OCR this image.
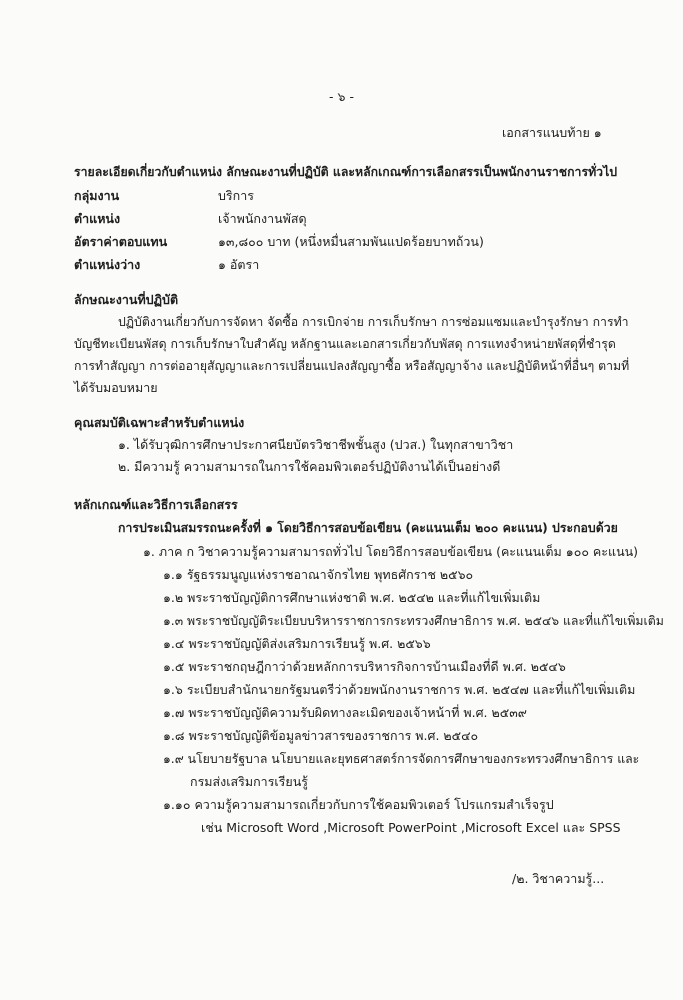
- ๖ -
เอกสารแนบท้าย ๑
รายละเอียดเกี่ยวกับตำแหน่ง ลักษณะงานที่ปฏิบัติ และหลักเกณฑ์การเลือกสรรเป็นพนักงานราชการทั่วไป
กลุ่มงาน	บริการ
ตำแหน่ง	เจ้าพนักงานพัสดุ
อัตราค่าตอบแทน	๑๓,๘๐๐ บาท (หนึ่งหมื่นสามพันแปดร้อยบาทถ้วน)
ตำแหน่งว่าง	๑ อัตรา
ลักษณะงานที่ปฏิบัติ
ปฏิบัติงานเกี่ยวกับการจัดหา จัดซื้อ การเบิกจ่าย การเก็บรักษา การซ่อมแซมและบำรุงรักษา การทำ
บัญชีทะเบียนพัสดุ การเก็บรักษาใบสำคัญ หลักฐานและเอกสารเกี่ยวกับพัสดุ การแทงจำหน่ายพัสดุที่ชำรุด
การทำสัญญา การต่ออายุสัญญาและการเปลี่ยนแปลงสัญญาซื้อ หรือสัญญาจ้าง และปฏิบัติหน้าที่อื่นๆ ตามที่
ได้รับมอบหมาย
คุณสมบัติเฉพาะสำหรับตำแหน่ง
๑. ได้รับวุฒิการศึกษาประกาศนียบัตรวิชาชีพชั้นสูง (ปวส.) ในทุกสาขาวิชา
๒. มีความรู้ ความสามารถในการใช้คอมพิวเตอร์ปฏิบัติงานได้เป็นอย่างดี
หลักเกณฑ์และวิธีการเลือกสรร
การประเมินสมรรถนะครั้งที่ ๑ โดยวิธีการสอบข้อเขียน (คะแนนเต็ม ๒๐๐ คะแนน) ประกอบด้วย
๑. ภาค ก วิชาความรู้ความสามารถทั่วไป โดยวิธีการสอบข้อเขียน (คะแนนเต็ม ๑๐๐ คะแนน)
๑.๑ รัฐธรรมนูญแห่งราชอาณาจักรไทย พุทธศักราช ๒๕๖๐
๑.๒ พระราชบัญญัติการศึกษาแห่งชาติ พ.ศ. ๒๕๔๒ และที่แก้ไขเพิ่มเติม
๑.๓ พระราชบัญญัติระเบียบบริหารราชการกระทรวงศึกษาธิการ พ.ศ. ๒๕๔๖ และที่แก้ไขเพิ่มเติม
๑.๔ พระราชบัญญัติส่งเสริมการเรียนรู้ พ.ศ. ๒๕๖๖
๑.๕ พระราชกฤษฎีกาว่าด้วยหลักการบริหารกิจการบ้านเมืองที่ดี พ.ศ. ๒๕๔๖
๑.๖ ระเบียบสำนักนายกรัฐมนตรีว่าด้วยพนักงานราชการ พ.ศ. ๒๕๔๗ และที่แก้ไขเพิ่มเติม
๑.๗ พระราชบัญญัติความรับผิดทางละเมิดของเจ้าหน้าที่ พ.ศ. ๒๕๓๙
๑.๘ พระราชบัญญัติข้อมูลข่าวสารของราชการ พ.ศ. ๒๕๔๐
๑.๙ นโยบายรัฐบาล นโยบายและยุทธศาสตร์การจัดการศึกษาของกระทรวงศึกษาธิการ และ
กรมส่งเสริมการเรียนรู้
๑.๑๐ ความรู้ความสามารถเกี่ยวกับการใช้คอมพิวเตอร์ โปรแกรมสำเร็จรูป
เช่น Microsoft Word ,Microsoft PowerPoint ,Microsoft Excel และ SPSS
/๒. วิชาความรู้...
